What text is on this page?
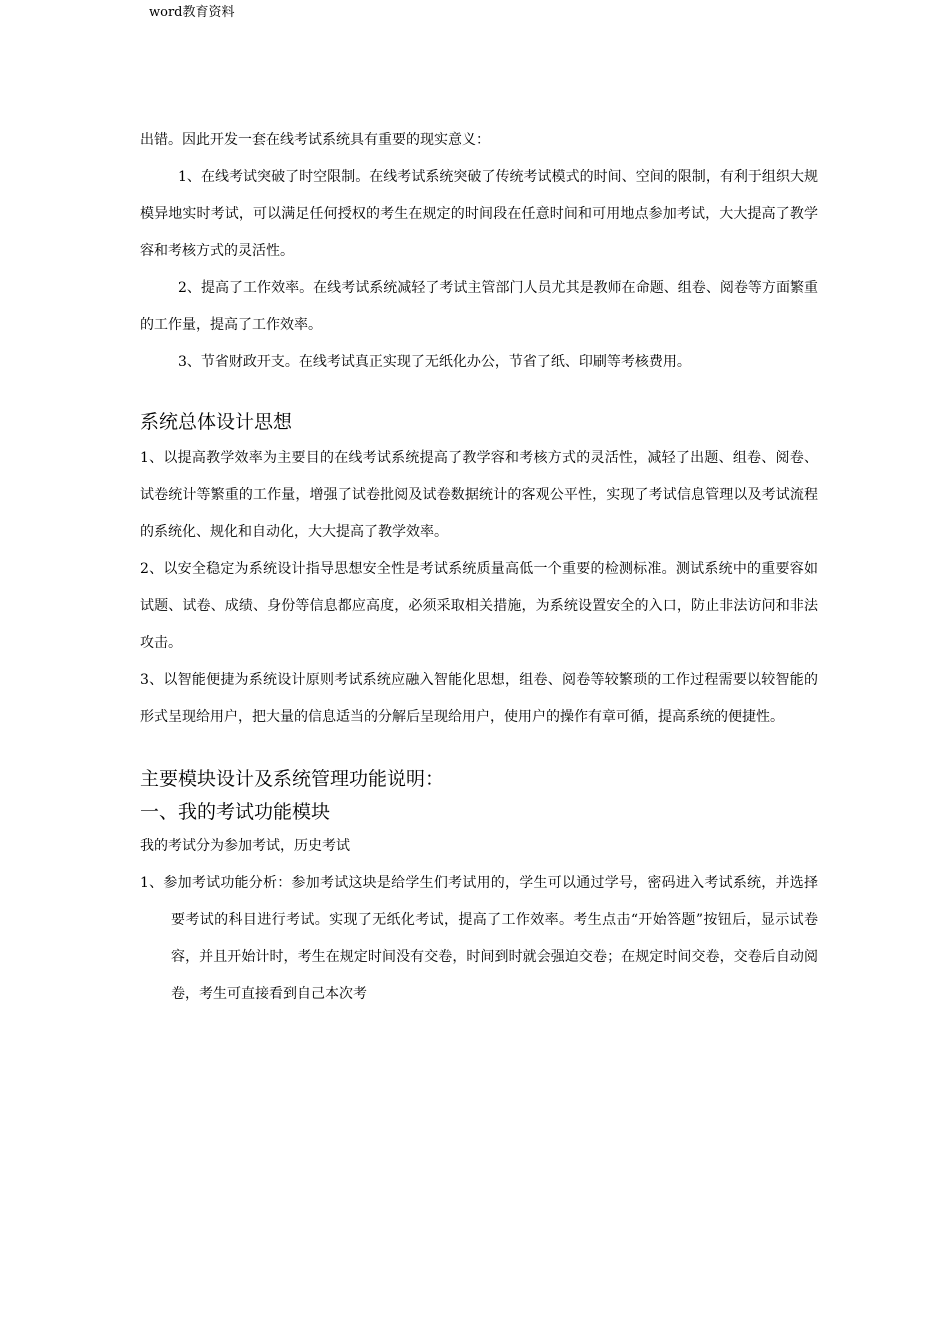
word教育资料

出错。因此开发一套在线考试系统具有重要的现实意义：

1、在线考试突破了时空限制。在线考试系统突破了传统考试模式的时间、空间的限制，有利于组织大规模异地实时考试，可以满足任何授权的考生在规定的时间段在任意时间和可用地点参加考试，大大提高了教学容和考核方式的灵活性。

2、提高了工作效率。在线考试系统减轻了考试主管部门人员尤其是教师在命题、组卷、阅卷等方面繁重的工作量，提高了工作效率。

3、节省财政开支。在线考试真正实现了无纸化办公，节省了纸、印刷等考核费用。

系统总体设计思想

1、以提高教学效率为主要目的在线考试系统提高了教学容和考核方式的灵活性，减轻了出题、组卷、阅卷、试卷统计等繁重的工作量，增强了试卷批阅及试卷数据统计的客观公平性，实现了考试信息管理以及考试流程的系统化、规化和自动化，大大提高了教学效率。

2、以安全稳定为系统设计指导思想安全性是考试系统质量高低一个重要的检测标准。测试系统中的重要容如试题、试卷、成绩、身份等信息都应高度，必须采取相关措施，为系统设置安全的入口，防止非法访问和非法攻击。

3、以智能便捷为系统设计原则考试系统应融入智能化思想，组卷、阅卷等较繁琐的工作过程需要以较智能的形式呈现给用户，把大量的信息适当的分解后呈现给用户，使用户的操作有章可循，提高系统的便捷性。

主要模块设计及系统管理功能说明：
一、我的考试功能模块

我的考试分为参加考试，历史考试

1、参加考试功能分析：参加考试这块是给学生们考试用的，学生可以通过学号，密码进入考试系统，并选择要考试的科目进行考试。实现了无纸化考试，提高了工作效率。考生点击“开始答题”按钮后，显示试卷容，并且开始计时，考生在规定时间没有交卷，时间到时就会强迫交卷；在规定时间交卷，交卷后自动阅卷，考生可直接看到自己本次考
